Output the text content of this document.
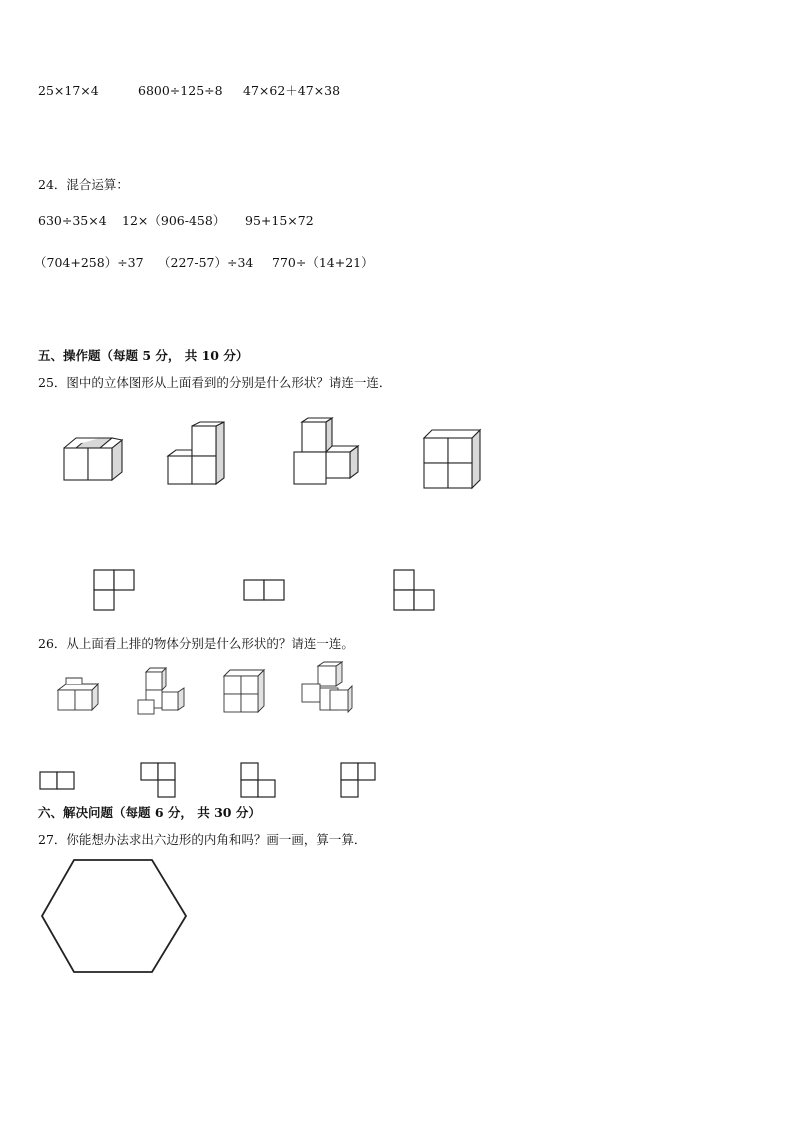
25×17×4	6800÷125÷8 47×62＋47×38
24．混合运算：
630÷35×4 12×（906-458） 95+15×72
（704+258）÷37 （227-57）÷34 770÷（14+21）
五、操作题（每题 5 分， 共 10 分）
25．图中的立体图形从上面看到的分别是什么形状？请连一连．
26．从上面看上排的物体分别是什么形状的？请连一连。
六、解决问题（每题 6 分， 共 30 分）
27．你能想办法求出六边形的内角和吗？画一画，算一算．
